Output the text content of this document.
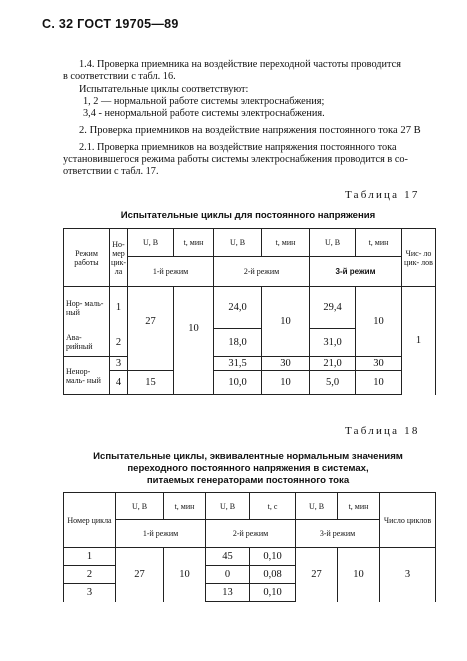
С. 32 ГОСТ 19705—89
1.4. Проверка приемника на воздействие переходной частоты проводится
в соответствии с табл. 16.
Испытательные циклы соответствуют:
1, 2 — нормальной работе системы электроснабжения;
3,4 - ненормальной работе системы электроснабжения.
2. Проверка приемников на воздействие напряжения постоянного тока 27 В
2.1. Проверка приемников на воздействие напряжения постоянного тока
установившегося режима работы системы электроснабжения проводится в со-
ответствии с табл. 17.
Таблица 17
Испытательные циклы для постоянного напряжения
Режим работы	Но- мер цик- ла	U, В	t, мин	U, В	t, мин	U, В	t, мин	Чис- ло цик- лов
		1-й режим		2-й режим		3-й режим		
Нор- маль- ный	1	27	10	24,0	10	29,4	10	1
Ава- рийный	2			18,0		31,0		
Ненор- маль- ный	3			31,5	30	21,0	30	
	4	15		10,0	10	5,0	10	
Таблица 18
Испытательные циклы, эквивалентные нормальным значениям
переходного постоянного напряжения в системах,
питаемых генераторами постоянного тока
Номер цикла	U, В	t, мин	U, В	t, с	U, В	t, мин	Число циклов
	1-й режим		2-й режим		3-й режим		
1	27	10	45	0,10	27	10	3
2			0	0,08			
3			13	0,10			
